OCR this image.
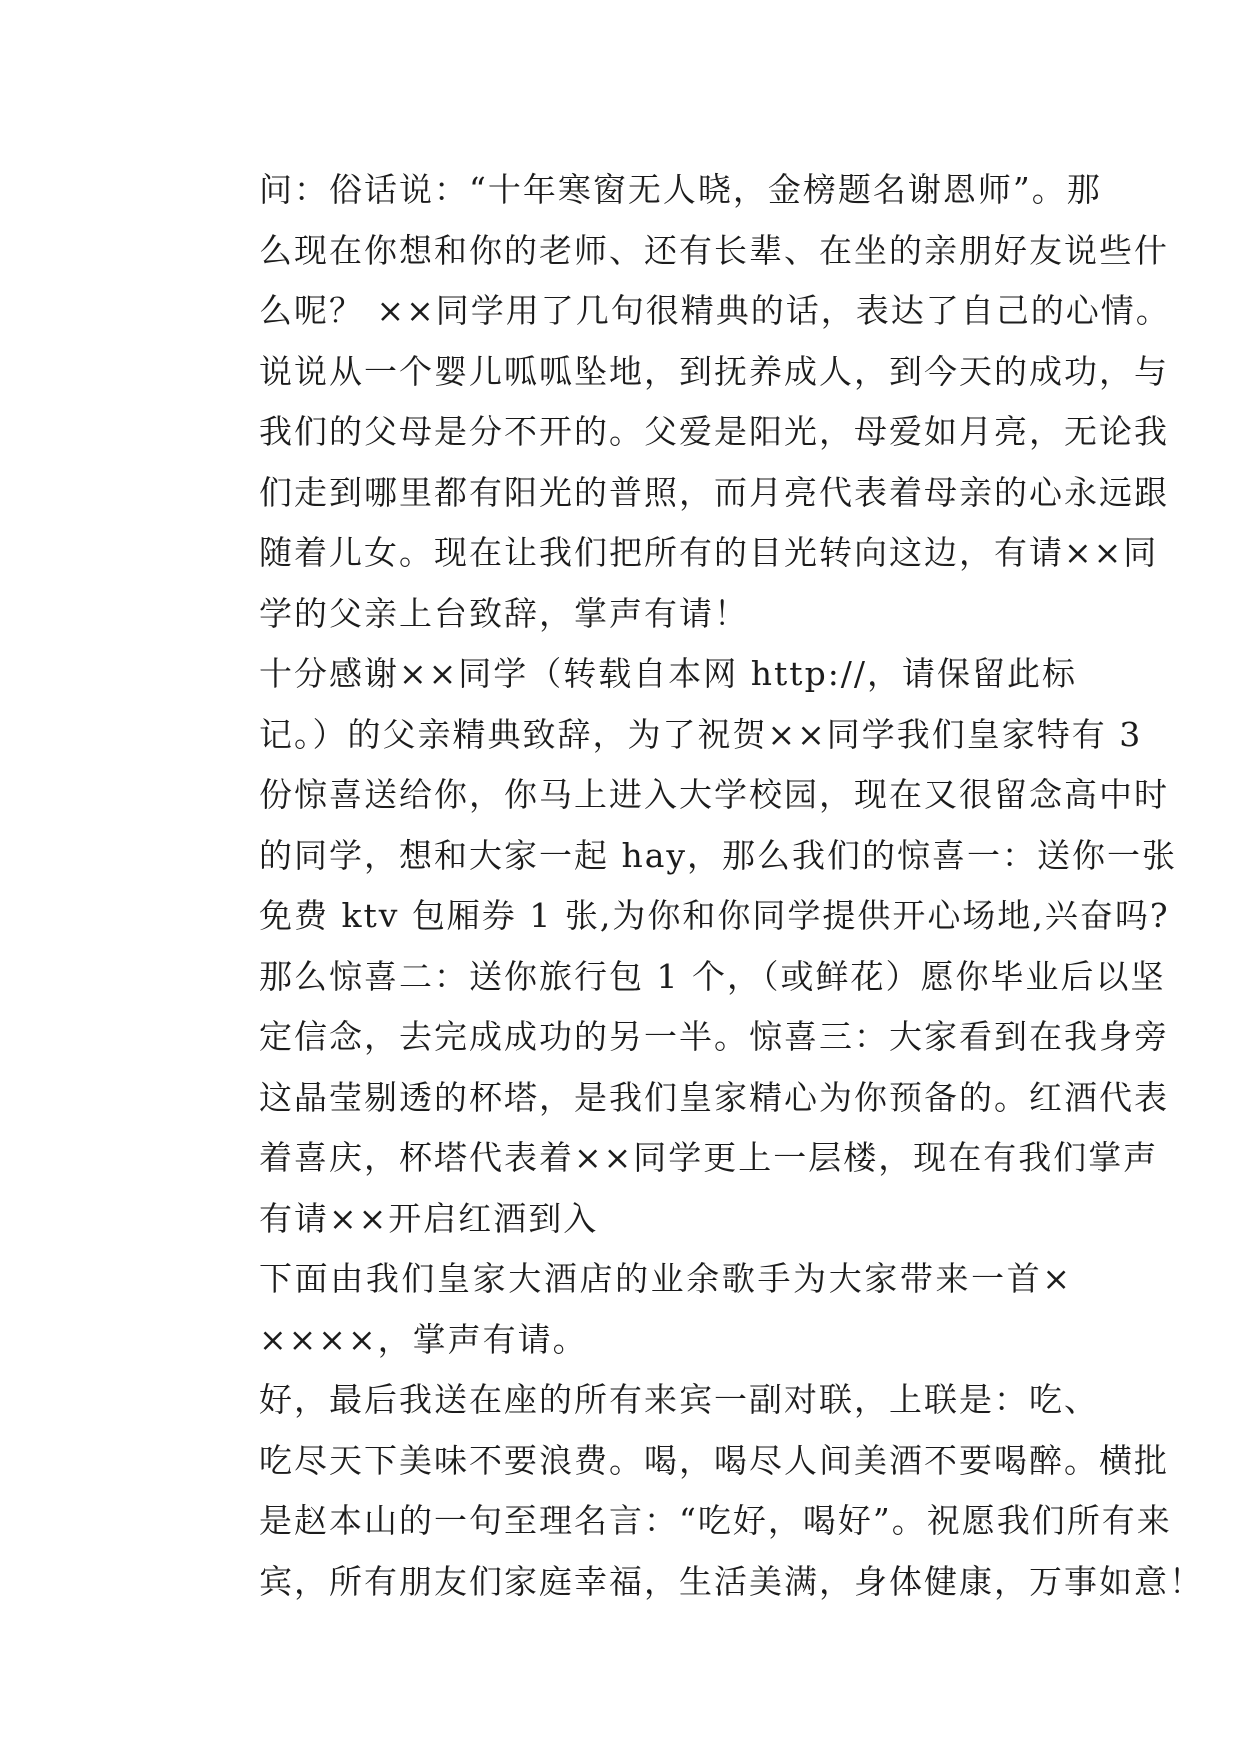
问：俗话说：“十年寒窗无人晓，金榜题名谢恩师”。那
么现在你想和你的老师、还有长辈、在坐的亲朋好友说些什
么呢？ ××同学用了几句很精典的话，表达了自己的心情。
说说从一个婴儿呱呱坠地，到抚养成人，到今天的成功，与
我们的父母是分不开的。父爱是阳光，母爱如月亮，无论我
们走到哪里都有阳光的普照，而月亮代表着母亲的心永远跟
随着儿女。现在让我们把所有的目光转向这边，有请××同
学的父亲上台致辞，掌声有请！
十分感谢××同学（转载自本网 http://，请保留此标
记。）的父亲精典致辞，为了祝贺××同学我们皇家特有 3
份惊喜送给你，你马上进入大学校园，现在又很留念高中时
的同学，想和大家一起 hay，那么我们的惊喜一：送你一张
免费 ktv 包厢券 1 张,为你和你同学提供开心场地,兴奋吗?
那么惊喜二：送你旅行包 1 个，（或鲜花）愿你毕业后以坚
定信念，去完成成功的另一半。惊喜三：大家看到在我身旁
这晶莹剔透的杯塔，是我们皇家精心为你预备的。红酒代表
着喜庆，杯塔代表着××同学更上一层楼，现在有我们掌声
有请××开启红酒到入
下面由我们皇家大酒店的业余歌手为大家带来一首×
××××，掌声有请。
好，最后我送在座的所有来宾一副对联，上联是：吃、
吃尽天下美味不要浪费。喝，喝尽人间美酒不要喝醉。横批
是赵本山的一句至理名言：“吃好，喝好”。祝愿我们所有来
宾，所有朋友们家庭幸福，生活美满，身体健康，万事如意！
